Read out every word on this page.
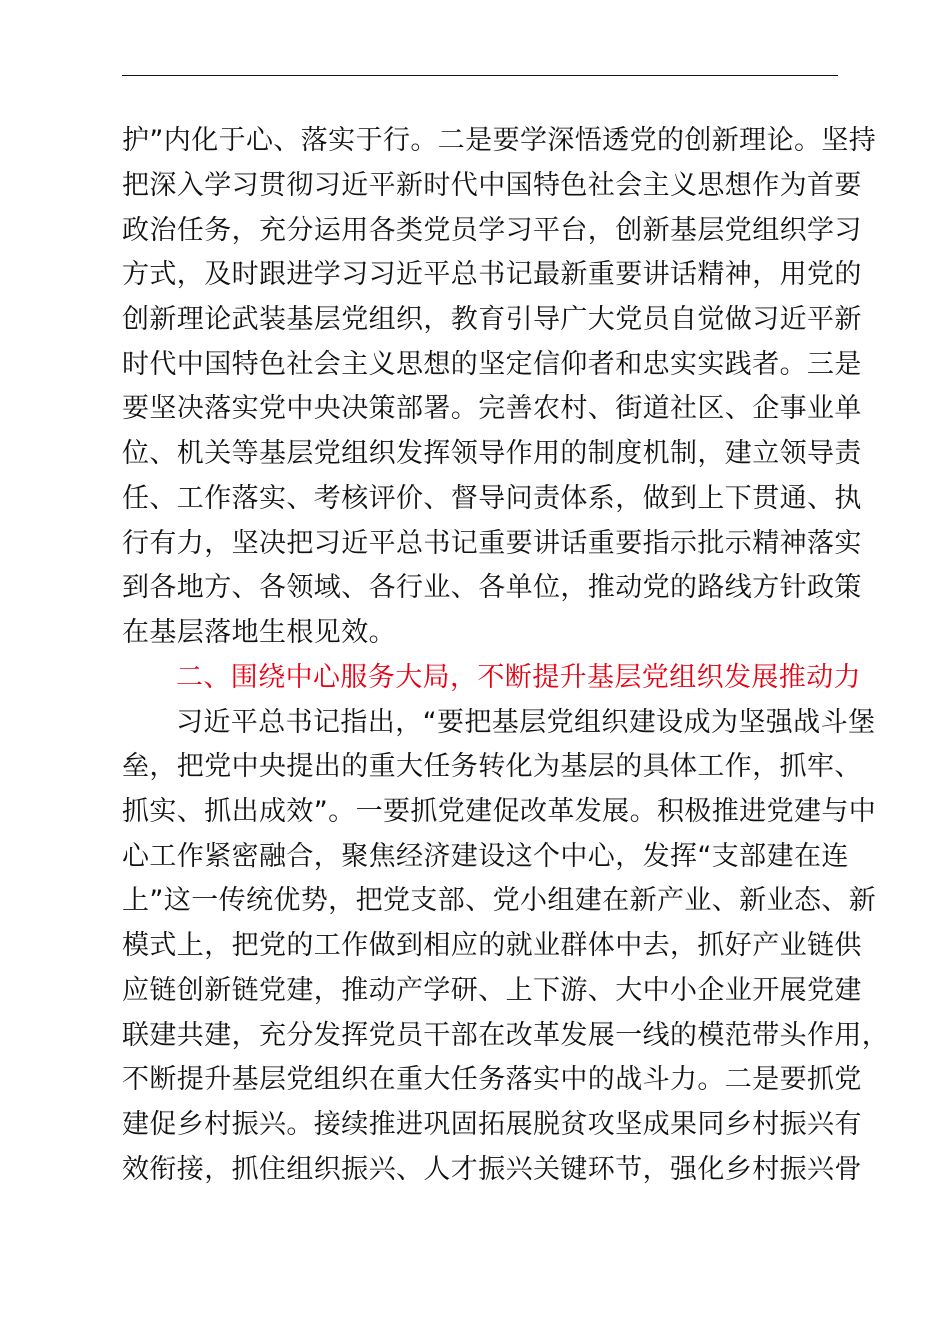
护”内化于心、落实于行。二是要学深悟透党的创新理论。坚持
把深入学习贯彻习近平新时代中国特色社会主义思想作为首要
政治任务，充分运用各类党员学习平台，创新基层党组织学习
方式，及时跟进学习习近平总书记最新重要讲话精神，用党的
创新理论武装基层党组织，教育引导广大党员自觉做习近平新
时代中国特色社会主义思想的坚定信仰者和忠实实践者。三是
要坚决落实党中央决策部署。完善农村、街道社区、企事业单
位、机关等基层党组织发挥领导作用的制度机制，建立领导责
任、工作落实、考核评价、督导问责体系，做到上下贯通、执
行有力，坚决把习近平总书记重要讲话重要指示批示精神落实
到各地方、各领域、各行业、各单位，推动党的路线方针政策
在基层落地生根见效。
二、围绕中心服务大局，不断提升基层党组织发展推动力
习近平总书记指出，“要把基层党组织建设成为坚强战斗堡
垒，把党中央提出的重大任务转化为基层的具体工作，抓牢、
抓实、抓出成效”。一要抓党建促改革发展。积极推进党建与中
心工作紧密融合，聚焦经济建设这个中心，发挥“支部建在连
上”这一传统优势，把党支部、党小组建在新产业、新业态、新
模式上，把党的工作做到相应的就业群体中去，抓好产业链供
应链创新链党建，推动产学研、上下游、大中小企业开展党建
联建共建，充分发挥党员干部在改革发展一线的模范带头作用，
不断提升基层党组织在重大任务落实中的战斗力。二是要抓党
建促乡村振兴。接续推进巩固拓展脱贫攻坚成果同乡村振兴有
效衔接，抓住组织振兴、人才振兴关键环节，强化乡村振兴骨
